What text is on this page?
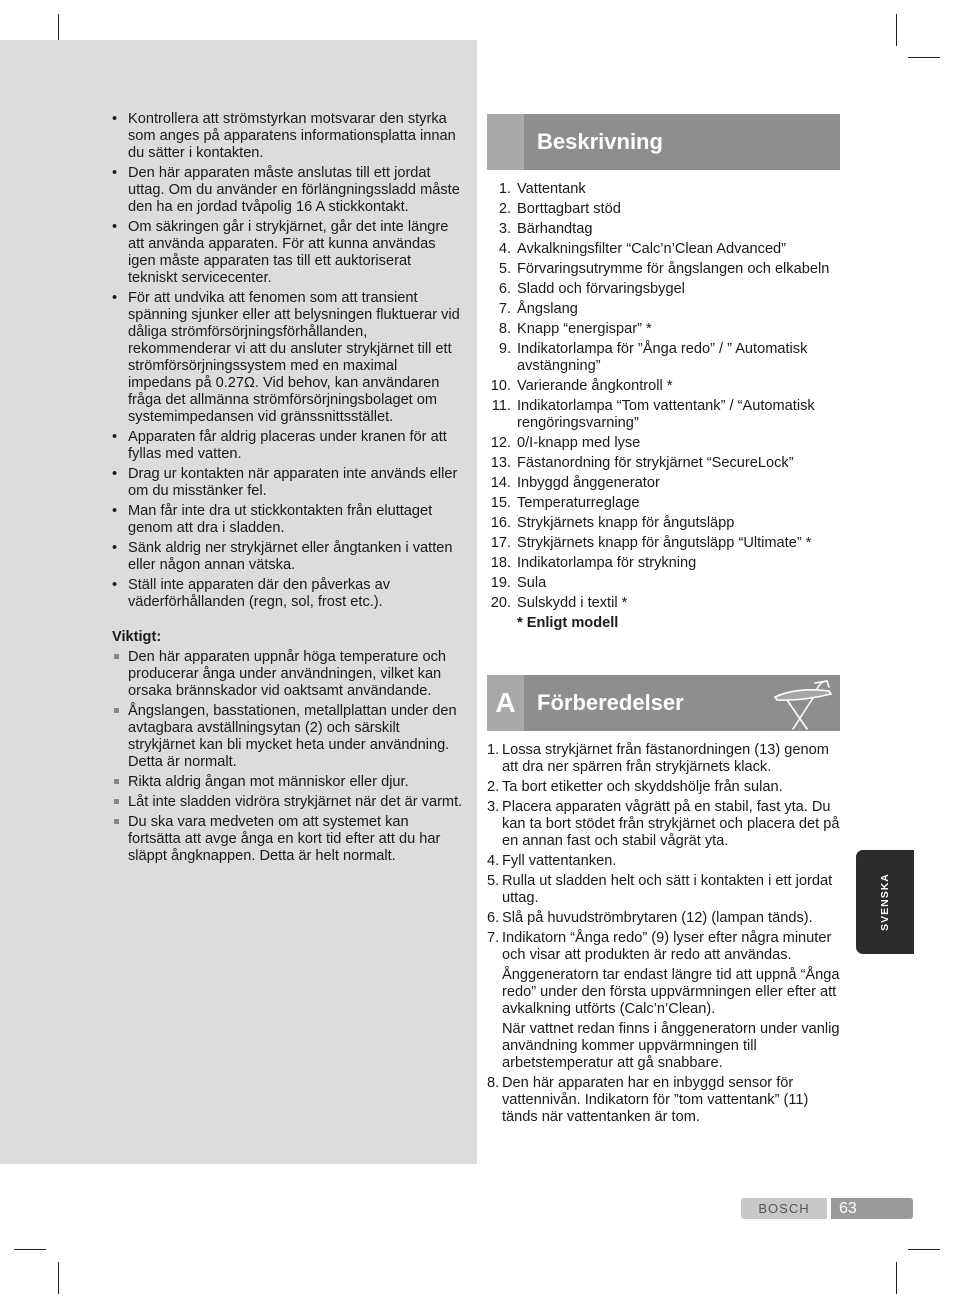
• Kontrollera att strömstyrkan motsvarar den styrka som anges på apparatens informationsplatta innan du sätter i kontakten.
• Den här apparaten måste anslutas till ett jordat uttag. Om du använder en förlängningssladd måste den ha en jordad tvåpolig 16 A stickkontakt.
• Om säkringen går i strykjärnet, går det inte längre att använda apparaten. För att kunna användas igen måste apparaten tas till ett auktoriserat tekniskt servicecenter.
• För att undvika att fenomen som att transient spänning sjunker eller att belysningen fluktuerar vid dåliga strömförsörjningsförhållanden, rekommenderar vi att du ansluter strykjärnet till ett strömförsörjningssystem med en maximal impedans på 0.27Ω. Vid behov, kan användaren fråga det allmänna strömförsörjningsbolaget om systemimpedansen vid gränssnittsstället.
• Apparaten får aldrig placeras under kranen för att fyllas med vatten.
• Drag ur kontakten när apparaten inte används eller om du misstänker fel.
• Man får inte dra ut stickkontakten från eluttaget genom att dra i sladden.
• Sänk aldrig ner strykjärnet eller ångtanken i vatten eller någon annan vätska.
• Ställ inte apparaten där den påverkas av väderförhållanden (regn, sol, frost etc.).
Viktigt:
Den här apparaten uppnår höga temperature och producerar ånga under användningen, vilket kan orsaka brännskador vid oaktsamt användande.
Ångslangen, basstationen, metallplattan under den avtagbara avställningsytan (2) och särskilt strykjärnet kan bli mycket heta under användning. Detta är normalt.
Rikta aldrig ångan mot människor eller djur.
Låt inte sladden vidröra strykjärnet när det är varmt.
Du ska vara medveten om att systemet kan fortsätta att avge ånga en kort tid efter att du har släppt ångknappen. Detta är helt normalt.
Beskrivning
1. Vattentank
2. Borttagbart stöd
3. Bärhandtag
4. Avkalkningsfilter “Calc’n’Clean Advanced”
5. Förvaringsutrymme för ångslangen och elkabeln
6. Sladd och förvaringsbygel
7. Ångslang
8. Knapp “energispar” *
9. Indikatorlampa för ”Ånga redo” / ” Automatisk avstängning”
10. Varierande ångkontroll *
11. Indikatorlampa “Tom vattentank” / “Automatisk rengöringsvarning”
12. 0/I-knapp med lyse
13. Fästanordning för strykjärnet “SecureLock”
14. Inbyggd ånggenerator
15. Temperaturreglage
16. Strykjärnets knapp för ångutsläpp
17. Strykjärnets knapp för ångutsläpp “Ultimate” *
18. Indikatorlampa för strykning
19. Sula
20. Sulskydd i textil *
* Enligt modell
A Förberedelser
1. Lossa strykjärnet från fästanordningen (13) genom att dra ner spärren från strykjärnets klack.
2. Ta bort etiketter och skyddshölje från sulan.
3. Placera apparaten vågrätt på en stabil, fast yta. Du kan ta bort stödet från strykjärnet och placera det på en annan fast och stabil vågrät yta.
4. Fyll vattentanken.
5. Rulla ut sladden helt och sätt i kontakten i ett jordat uttag.
6. Slå på huvudströmbrytaren (12) (lampan tänds).
7. Indikatorn “Ånga redo” (9) lyser efter några minuter och visar att produkten är redo att användas.
Ånggeneratorn tar endast längre tid att uppnå “Ånga redo” under den första uppvärmningen eller efter att avkalkning utförts (Calc’n’Clean).
När vattnet redan finns i ånggeneratorn under vanlig användning kommer uppvärmningen till arbetstemperatur att gå snabbare.
8. Den här apparaten har en inbyggd sensor för vattennivån. Indikatorn för ”tom vattentank” (11) tänds när vattentanken är tom.
SVENSKA
BOSCH	63
